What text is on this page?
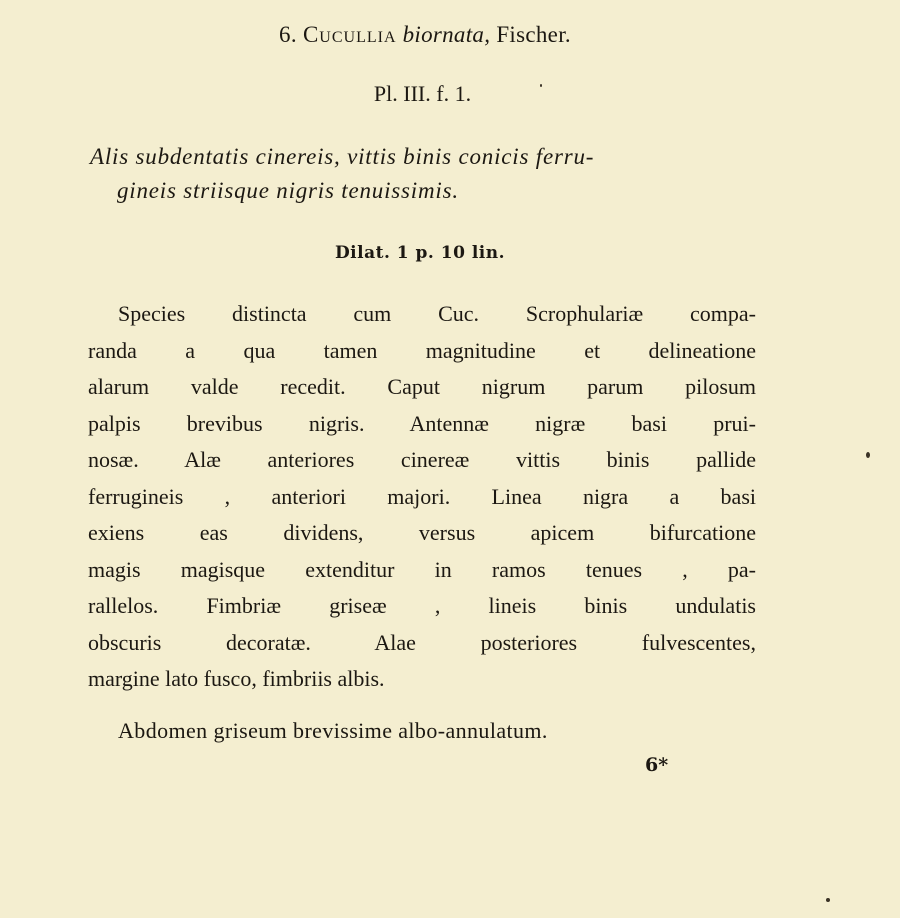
6. Cucullia biornata, Fischer.
Pl. III. f. 1.
Alis subdentatis cinereis, vittis binis conicis ferru-
gineis striisque nigris tenuissimis.
Dilat. 1 p. 10 lin.
Species distincta cum Cuc. Scrophulariæ compa-
randa a qua tamen magnitudine et delineatione
alarum valde recedit. Caput nigrum parum pilosum
palpis brevibus nigris. Antennæ nigræ basi prui-
nosæ. Alæ anteriores cinereæ vittis binis pallide
ferrugineis , anteriori majori. Linea nigra a basi
exiens eas dividens, versus apicem bifurcatione
magis magisque extenditur in ramos tenues , pa-
rallelos. Fimbriæ griseæ , lineis binis undulatis
obscuris decoratæ. Alae posteriores fulvescentes,
margine lato fusco, fimbriis albis.
Abdomen griseum brevissime albo-annulatum.
6*
